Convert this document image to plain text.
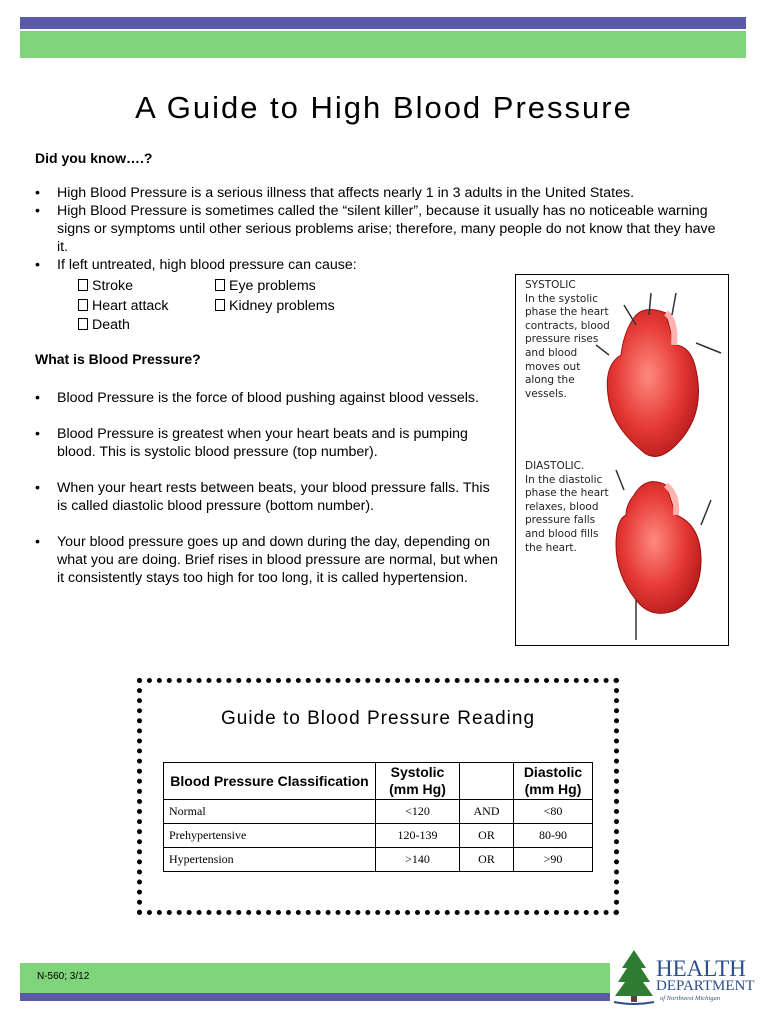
A Guide to High Blood Pressure
Did you know….?
• High Blood Pressure is a serious illness that affects nearly 1 in 3 adults in the United States.
• High Blood Pressure is sometimes called the “silent killer”, because it usually has no noticeable warning signs or symptoms until other serious problems arise; therefore, many people do not know that they have it.
• If left untreated, high blood pressure can cause:
Stroke	Eye problems
Heart attack	Kidney problems
Death
What is Blood Pressure?
• Blood Pressure is the force of blood pushing against blood vessels.
• Blood Pressure is greatest when your heart beats and is pumping blood. This is systolic blood pressure (top number).
• When your heart rests between beats, your blood pressure falls. This is called diastolic blood pressure (bottom number).
• Your blood pressure goes up and down during the day, depending on what you are doing. Brief rises in blood pressure are normal, but when it consistently stays too high for too long, it is called hypertension.
SYSTOLIC
In the systolic
phase the heart
contracts, blood
pressure rises
and blood
moves out
along the
vessels.
DIASTOLIC.
In the diastolic
phase the heart
relaxes, blood
pressure falls
and blood fills
the heart.
Guide to Blood Pressure Reading
Blood Pressure Classification	Systolic (mm Hg)		Diastolic (mm Hg)
Normal	<120	AND	<80
Prehypertensive	120-139	OR	80-90
Hypertension	>140	OR	>90
N-560; 3/12	HEALTH
DEPARTMENT
of Northwest Michigan
